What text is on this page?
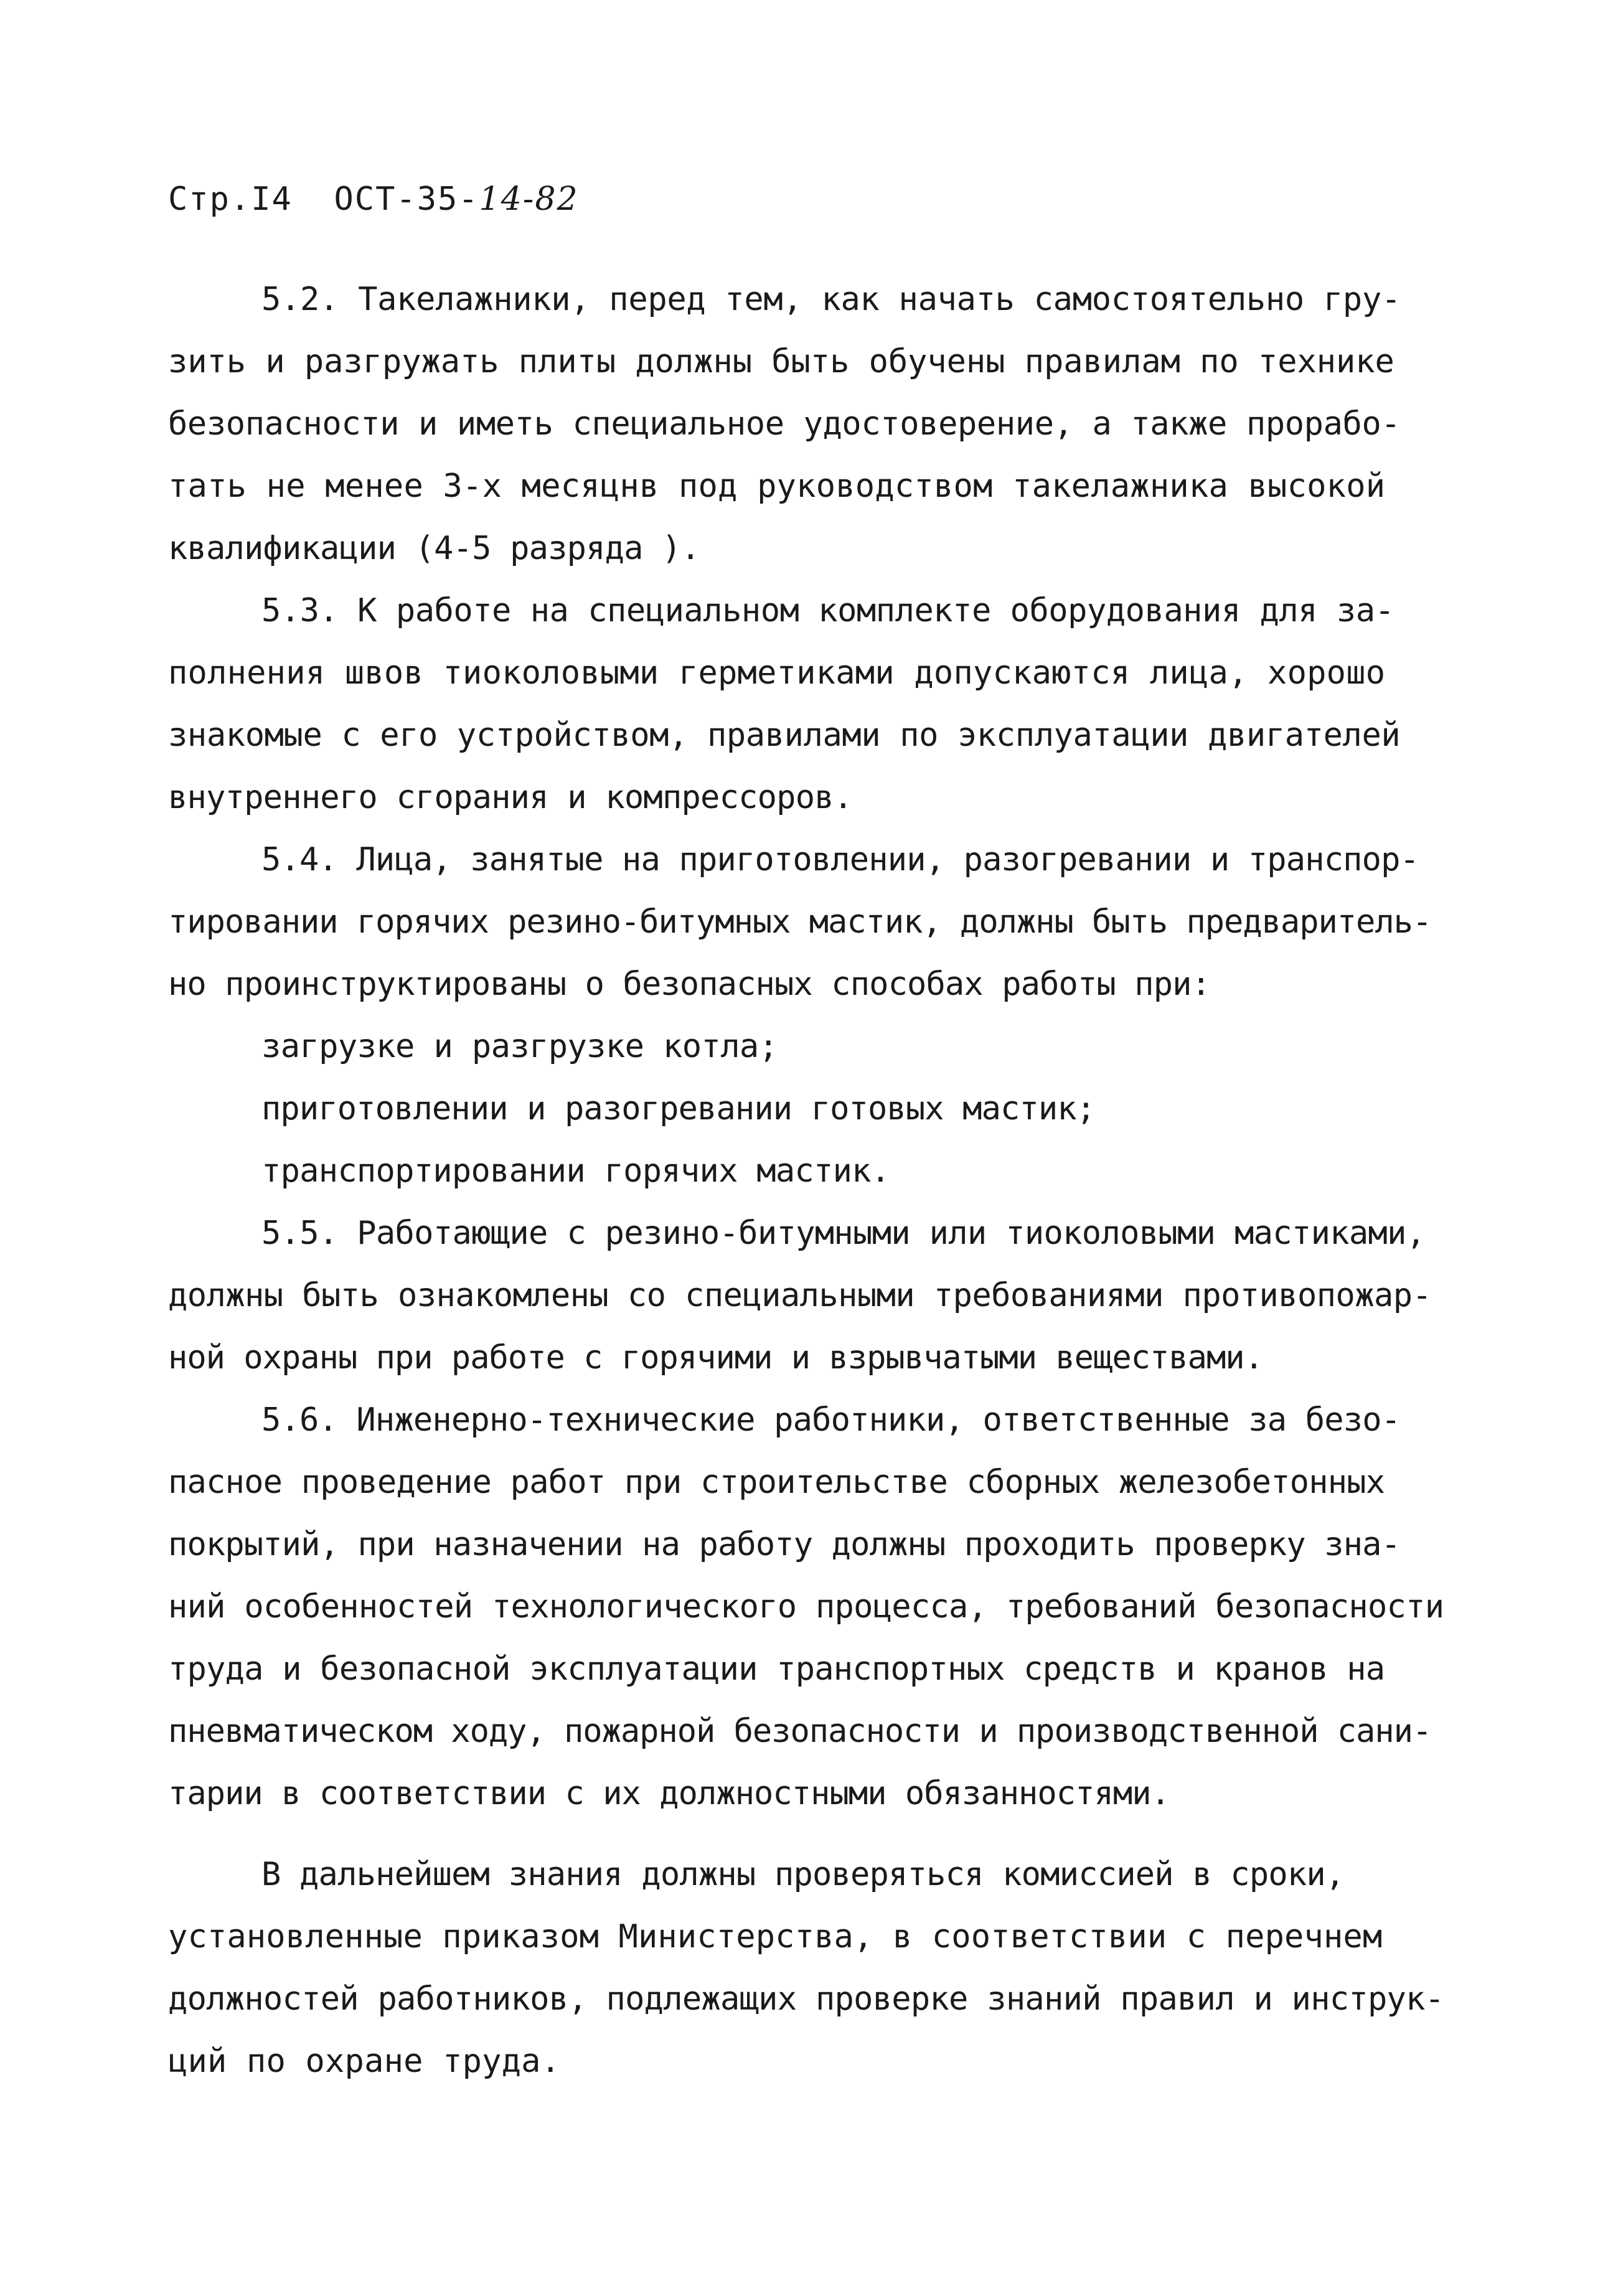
Стр.I4 ОСТ-35-14-82
5.2. Такелажники, перед тем, как начать самостоятельно гру-
зить и разгружать плиты должны быть обучены правилам по технике
безопасности и иметь специальное удостоверение, а также прорабо-
тать не менее 3-х месяцнв под руководством такелажника высокой
квалификации (4-5 разряда ).
5.3. К работе на специальном комплекте оборудования для за-
полнения швов тиоколовыми герметиками допускаются лица, хорошо
знакомые с его устройством, правилами по эксплуатации двигателей
внутреннего сгорания и компрессоров.
5.4. Лица, занятые на приготовлении, разогревании и транспор-
тировании горячих резино-битумных мастик, должны быть предваритель-
но проинструктированы о безопасных способах работы при:
загрузке и разгрузке котла;
приготовлении и разогревании готовых мастик;
транспортировании горячих мастик.
5.5. Работающие с резино-битумными или тиоколовыми мастиками,
должны быть ознакомлены со специальными требованиями противопожар-
ной охраны при работе с горячими и взрывчатыми веществами.
5.6. Инженерно-технические работники, ответственные за безо-
пасное проведение работ при строительстве сборных железобетонных
покрытий, при назначении на работу должны проходить проверку зна-
ний особенностей технологического процесса, требований безопасности
труда и безопасной эксплуатации транспортных средств и кранов на
пневматическом ходу, пожарной безопасности и производственной сани-
тарии в соответствии с их должностными обязанностями.
В дальнейшем знания должны проверяться комиссией в сроки,
установленные приказом Министерства, в соответствии с перечнем
должностей работников, подлежащих проверке знаний правил и инструк-
ций по охране труда.
